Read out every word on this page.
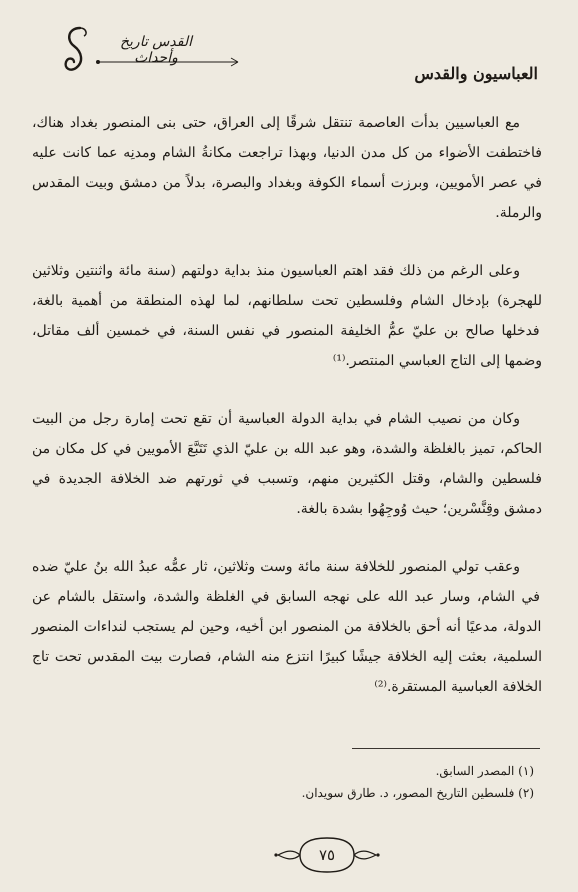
القدس تاريخ وأحداث
العباسيون والقدس

مع العباسيين بدأت العاصمة تنتقل شرقًا إلى العراق، حتى بنى المنصور بغداد هناك، فاختطفت الأضواء من كل مدن الدنيا، وبهذا تراجعت مكانةُ الشام ومدنِه عما كانت عليه في عصر الأمويين، وبرزت أسماء الكوفة وبغداد والبصرة، بدلاً من دمشق وبيت المقدس والرملة.

وعلى الرغم من ذلك فقد اهتم العباسيون منذ بداية دولتهم (سنة مائة واثنتين وثلاثين للهجرة) بإدخال الشام وفلسطين تحت سلطانهم، لما لهذه المنطقة من أهمية بالغة، فدخلها صالح بن عليّ عمُّ الخليفة المنصور في نفس السنة، في خمسين ألف مقاتل، وضمها إلى التاج العباسي المنتصر.⁽¹⁾

وكان من نصيب الشام في بداية الدولة العباسية أن تقع تحت إمارة رجل من البيت الحاكم، تميز بالغلظة والشدة، وهو عبد الله بن عليّ الذي تَتَبَّعَ الأمويين في كل مكان من فلسطين والشام، وقتل الكثيرين منهم، وتسبب في ثورتهم ضد الخلافة الجديدة في دمشق وقِنَّسْرين؛ حيث وُوجِهُوا بشدة بالغة.

وعقب تولي المنصور للخلافة سنة مائة وست وثلاثين، ثار عمُّه عبدُ الله بنُ عليّ ضده في الشام، وسار عبد الله على نهجه السابق في الغلظة والشدة، واستقل بالشام عن الدولة، مدعيًا أنه أحق بالخلافة من المنصور ابن أخيه، وحين لم يستجب لنداءات المنصور السلمية، بعثت إليه الخلافة جيشًا كبيرًا انتزع منه الشام، فصارت بيت المقدس تحت تاج الخلافة العباسية المستقرة.⁽²⁾

(١) المصدر السابق.
(٢) فلسطين التاريخ المصور، د. طارق سويدان.
٧٥
